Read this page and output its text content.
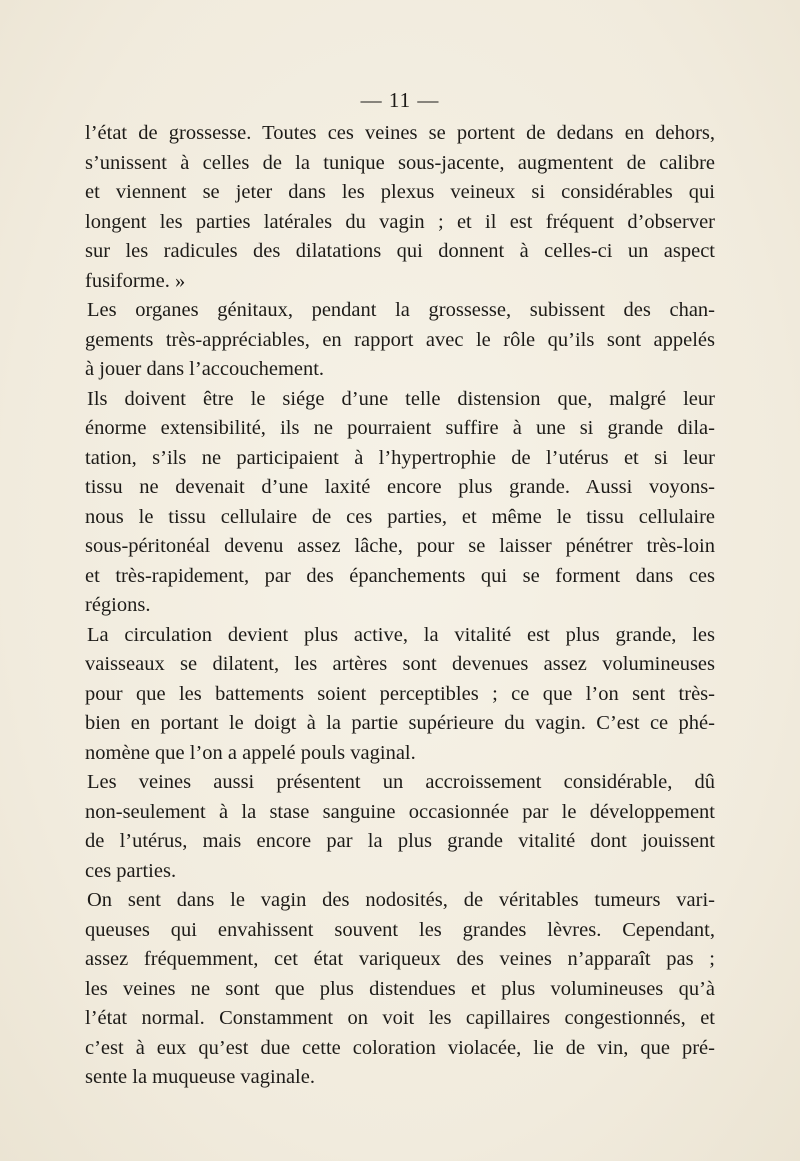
— 11 —
l’état de grossesse. Toutes ces veines se portent de dedans en dehors,
s’unissent à celles de la tunique sous-jacente, augmentent de calibre
et viennent se jeter dans les plexus veineux si considérables qui
longent les parties latérales du vagin ; et il est fréquent d’observer
sur les radicules des dilatations qui donnent à celles-ci un aspect
fusiforme. »
Les organes génitaux, pendant la grossesse, subissent des chan-
gements très-appréciables, en rapport avec le rôle qu’ils sont appelés
à jouer dans l’accouchement.
Ils doivent être le siége d’une telle distension que, malgré leur
énorme extensibilité, ils ne pourraient suffire à une si grande dila-
tation, s’ils ne participaient à l’hypertrophie de l’utérus et si leur
tissu ne devenait d’une laxité encore plus grande. Aussi voyons-
nous le tissu cellulaire de ces parties, et même le tissu cellulaire
sous-péritonéal devenu assez lâche, pour se laisser pénétrer très-loin
et très-rapidement, par des épanchements qui se forment dans ces
régions.
La circulation devient plus active, la vitalité est plus grande, les
vaisseaux se dilatent, les artères sont devenues assez volumineuses
pour que les battements soient perceptibles ; ce que l’on sent très-
bien en portant le doigt à la partie supérieure du vagin. C’est ce phé-
nomène que l’on a appelé pouls vaginal.
Les veines aussi présentent un accroissement considérable, dû
non-seulement à la stase sanguine occasionnée par le développement
de l’utérus, mais encore par la plus grande vitalité dont jouissent
ces parties.
On sent dans le vagin des nodosités, de véritables tumeurs vari-
queuses qui envahissent souvent les grandes lèvres. Cependant,
assez fréquemment, cet état variqueux des veines n’apparaît pas ;
les veines ne sont que plus distendues et plus volumineuses qu’à
l’état normal. Constamment on voit les capillaires congestionnés, et
c’est à eux qu’est due cette coloration violacée, lie de vin, que pré-
sente la muqueuse vaginale.
